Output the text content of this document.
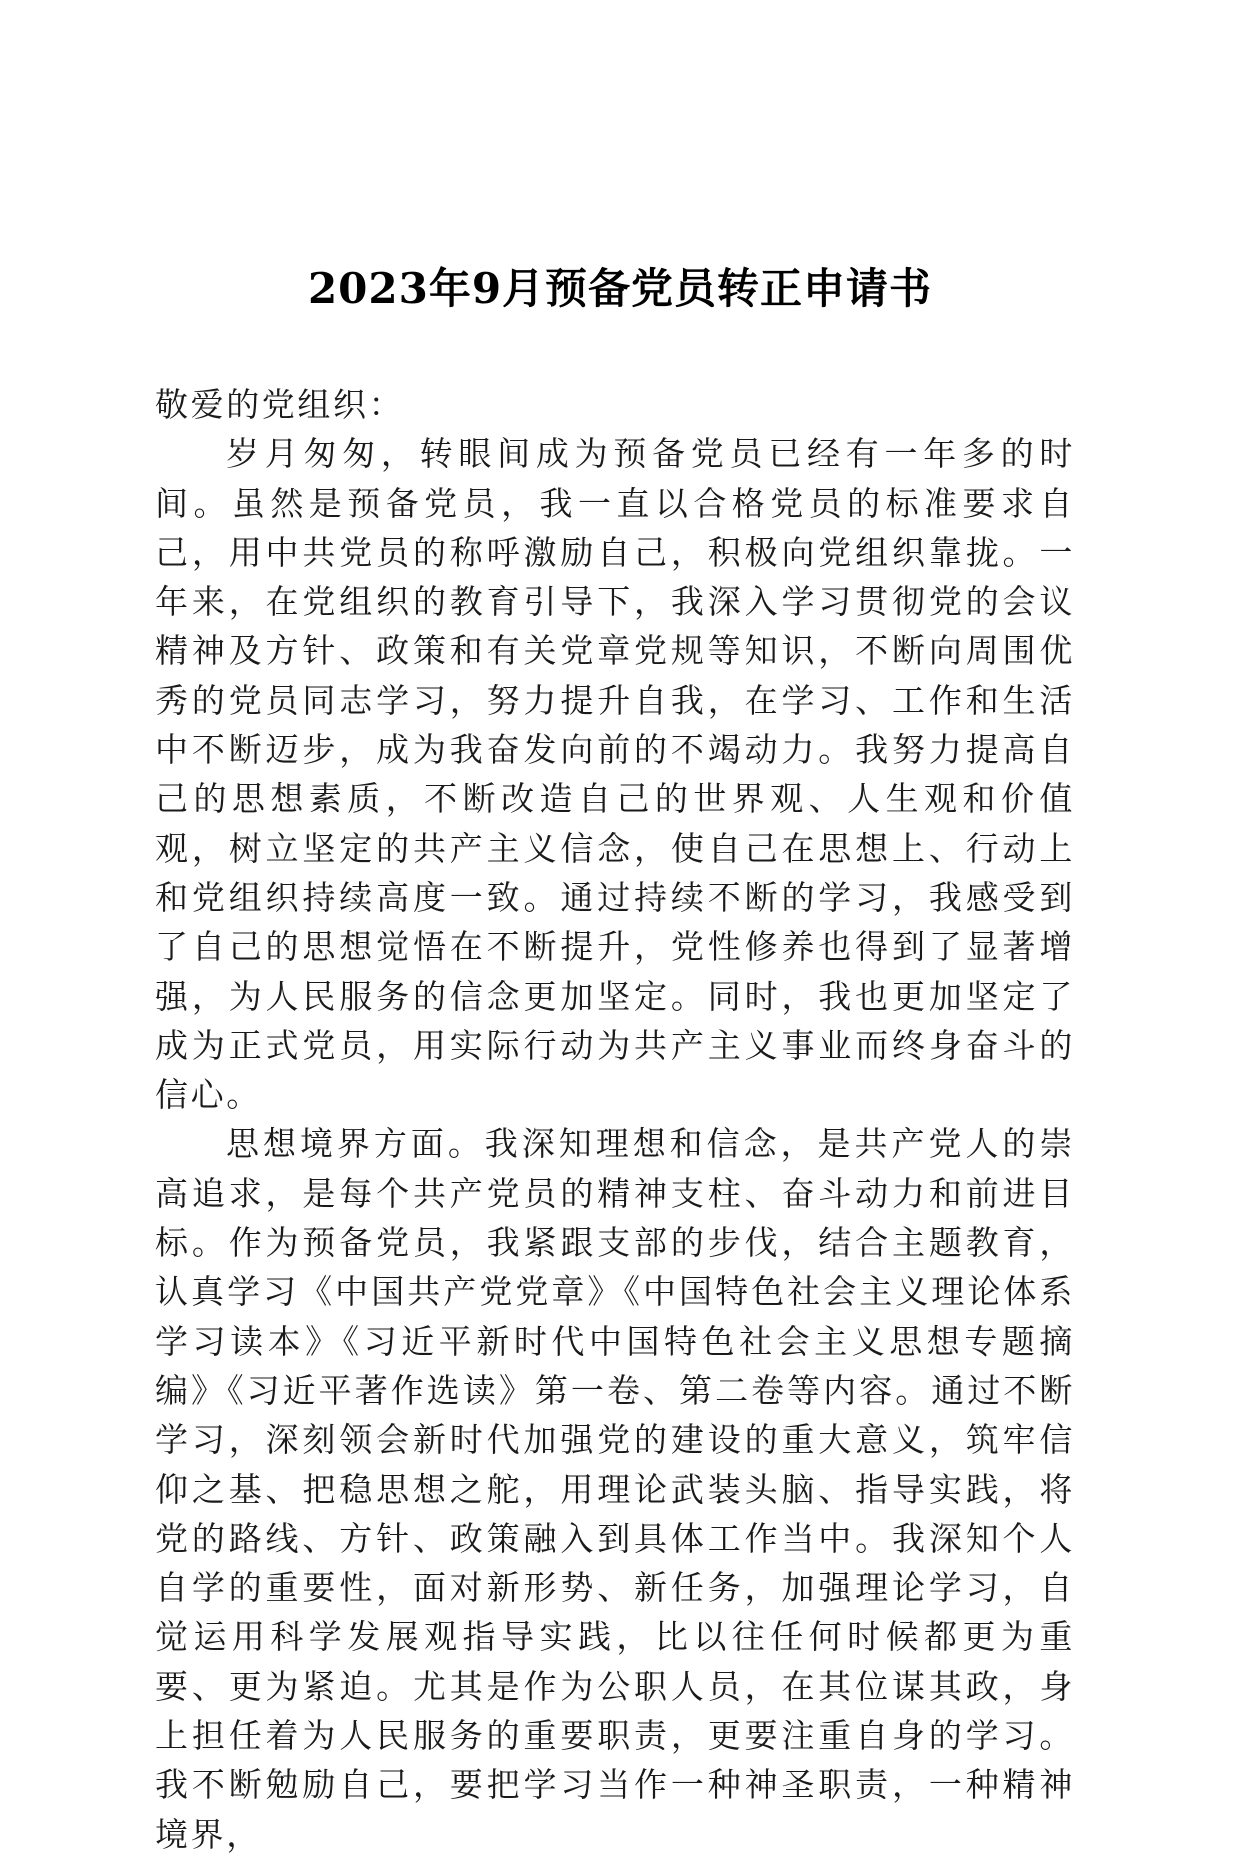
2023年9月预备党员转正申请书

敬爱的党组织：

岁月匆匆，转眼间成为预备党员已经有一年多的时间。虽然是预备党员，我一直以合格党员的标准要求自己，用中共党员的称呼激励自己，积极向党组织靠拢。一年来，在党组织的教育引导下，我深入学习贯彻党的会议精神及方针、政策和有关党章党规等知识，不断向周围优秀的党员同志学习，努力提升自我，在学习、工作和生活中不断迈步，成为我奋发向前的不竭动力。我努力提高自己的思想素质，不断改造自己的世界观、人生观和价值观，树立坚定的共产主义信念，使自己在思想上、行动上和党组织持续高度一致。通过持续不断的学习，我感受到了自己的思想觉悟在不断提升，党性修养也得到了显著增强，为人民服务的信念更加坚定。同时，我也更加坚定了成为正式党员，用实际行动为共产主义事业而终身奋斗的信心。

思想境界方面。我深知理想和信念，是共产党人的崇高追求，是每个共产党员的精神支柱、奋斗动力和前进目标。作为预备党员，我紧跟支部的步伐，结合主题教育，认真学习《中国共产党党章》《中国特色社会主义理论体系学习读本》《习近平新时代中国特色社会主义思想专题摘编》《习近平著作选读》第一卷、第二卷等内容。通过不断学习，深刻领会新时代加强党的建设的重大意义，筑牢信仰之基、把稳思想之舵，用理论武装头脑、指导实践，将党的路线、方针、政策融入到具体工作当中。我深知个人自学的重要性，面对新形势、新任务，加强理论学习，自觉运用科学发展观指导实践，比以往任何时候都更为重要、更为紧迫。尤其是作为公职人员，在其位谋其政，身上担任着为人民服务的重要职责，更要注重自身的学习。我不断勉励自己，要把学习当作一种神圣职责，一种精神境界，
